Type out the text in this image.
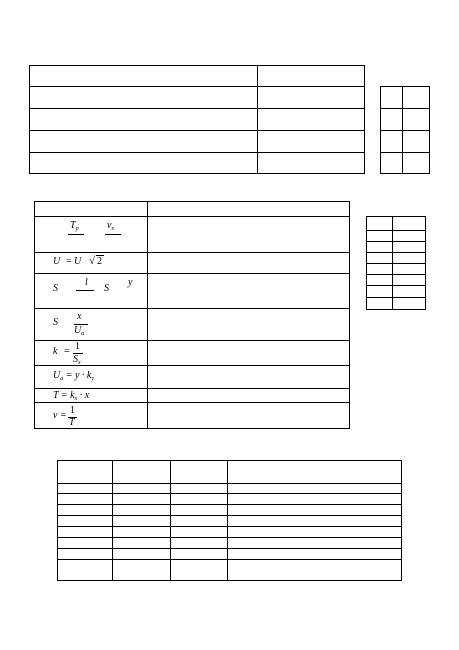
$T_p$	$\nu_x$
U = U √ 2
S
l
S
y
S
x
$U_a$
k = 1
$S_x$
$U_a = y \cdot k_y$
$T = k_x \cdot x$
ν = 1
T
